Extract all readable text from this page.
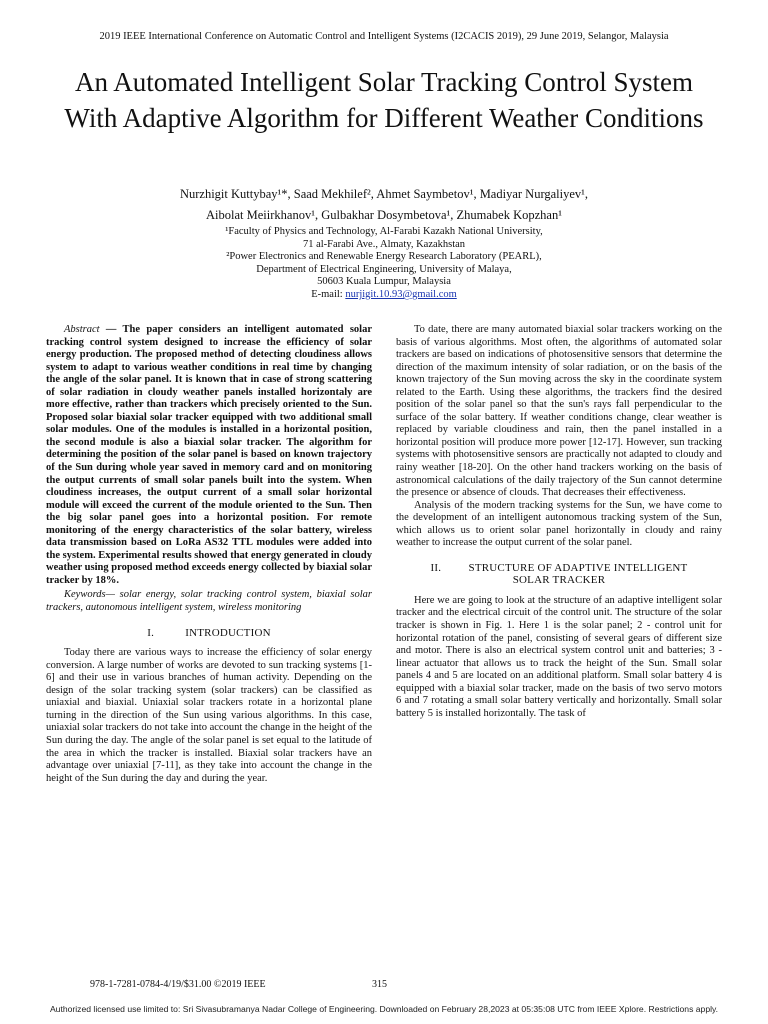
2019 IEEE International Conference on Automatic Control and Intelligent Systems (I2CACIS 2019), 29 June 2019, Selangor, Malaysia
An Automated Intelligent Solar Tracking Control System With Adaptive Algorithm for Different Weather Conditions
Nurzhigit Kuttybay¹*, Saad Mekhilef², Ahmet Saymbetov¹, Madiyar Nurgaliyev¹,
Aibolat Meiirkhanov¹, Gulbakhar Dosymbetova¹, Zhumabek Kopzhan¹
¹Faculty of Physics and Technology, Al-Farabi Kazakh National University,
71 al-Farabi Ave., Almaty, Kazakhstan
²Power Electronics and Renewable Energy Research Laboratory (PEARL),
Department of Electrical Engineering, University of Malaya,
50603 Kuala Lumpur, Malaysia
E-mail: nurjigit.10.93@gmail.com

Abstract — The paper considers an intelligent automated solar tracking control system designed to increase the efficiency of solar energy production. The proposed method of detecting cloudiness allows system to adapt to various weather conditions in real time by changing the angle of the solar panel. It is known that in case of strong scattering of solar radiation in cloudy weather panels installed horizontaly are more effective, rather than trackers which precisely oriented to the Sun. Proposed solar biaxial solar tracker equipped with two additional small solar modules. One of the modules is installed in a horizontal position, the second module is also a biaxial solar tracker. The algorithm for determining the position of the solar panel is based on known trajectory of the Sun during whole year saved in memory card and on monitoring the output currents of small solar panels built into the system. When cloudiness increases, the output current of a small solar horizontal module will exceed the current of the module oriented to the Sun. Then the big solar panel goes into a horizontal position. For remote monitoring of the energy characteristics of the solar battery, wireless data transmission based on LoRa AS32 TTL modules were added into the system. Experimental results showed that energy generated in cloudy weather using proposed method exceeds energy collected by biaxial solar tracker by 18%.

Keywords— solar energy, solar tracking control system, biaxial solar trackers, autonomous intelligent system, wireless monitoring

I.	INTRODUCTION

Today there are various ways to increase the efficiency of solar energy conversion. A large number of works are devoted to sun tracking systems [1-6] and their use in various branches of human activity. Depending on the design of the solar tracking system (solar trackers) can be classified as uniaxial and biaxial. Uniaxial solar trackers rotate in a horizontal plane turning in the direction of the Sun using various algorithms. In this case, uniaxial solar trackers do not take into account the change in the height of the Sun during the day. The angle of the solar panel is set equal to the latitude of the area in which the tracker is installed. Biaxial solar trackers have an advantage over uniaxial [7-11], as they take into account the change in the height of the Sun during the day and during the year.

To date, there are many automated biaxial solar trackers working on the basis of various algorithms. Most often, the algorithms of automated solar trackers are based on indications of photosensitive sensors that determine the direction of the maximum intensity of solar radiation, or on the basis of the known trajectory of the Sun moving across the sky in the coordinate system related to the Earth. Using these algorithms, the trackers find the desired position of the solar panel so that the sun's rays fall perpendicular to the surface of the solar battery. If weather conditions change, clear weather is replaced by variable cloudiness and rain, then the panel installed in a horizontal position will produce more power [12-17]. However, sun tracking systems with photosensitive sensors are practically not adapted to cloudy and rainy weather [18-20]. On the other hand trackers working on the basis of astronomical calculations of the daily trajectory of the Sun cannot determine the presence or absence of clouds. That decreases their effectiveness.

Analysis of the modern tracking systems for the Sun, we have come to the development of an intelligent autonomous tracking system of the Sun, which allows us to orient solar panel horizontally in cloudy and rainy weather to increase the output current of the solar panel.

II. STRUCTURE OF ADAPTIVE INTELLIGENT
SOLAR TRACKER

Here we are going to look at the structure of an adaptive intelligent solar tracker and the electrical circuit of the control unit. The structure of the solar tracker is shown in Fig. 1. Here 1 is the solar panel; 2 - control unit for horizontal rotation of the panel, consisting of several gears of different size and motor. There is also an electrical system control unit and batteries; 3 - linear actuator that allows us to track the height of the Sun. Small solar panels 4 and 5 are located on an additional platform. Small solar battery 4 is equipped with a biaxial solar tracker, made on the basis of two servo motors 6 and 7 rotating a small solar battery vertically and horizontally. Small solar battery 5 is installed horizontally. The task of

978-1-7281-0784-4/19/$31.00 ©2019 IEEE	315
Authorized licensed use limited to: Sri Sivasubramanya Nadar College of Engineering. Downloaded on February 28,2023 at 05:35:08 UTC from IEEE Xplore. Restrictions apply.
